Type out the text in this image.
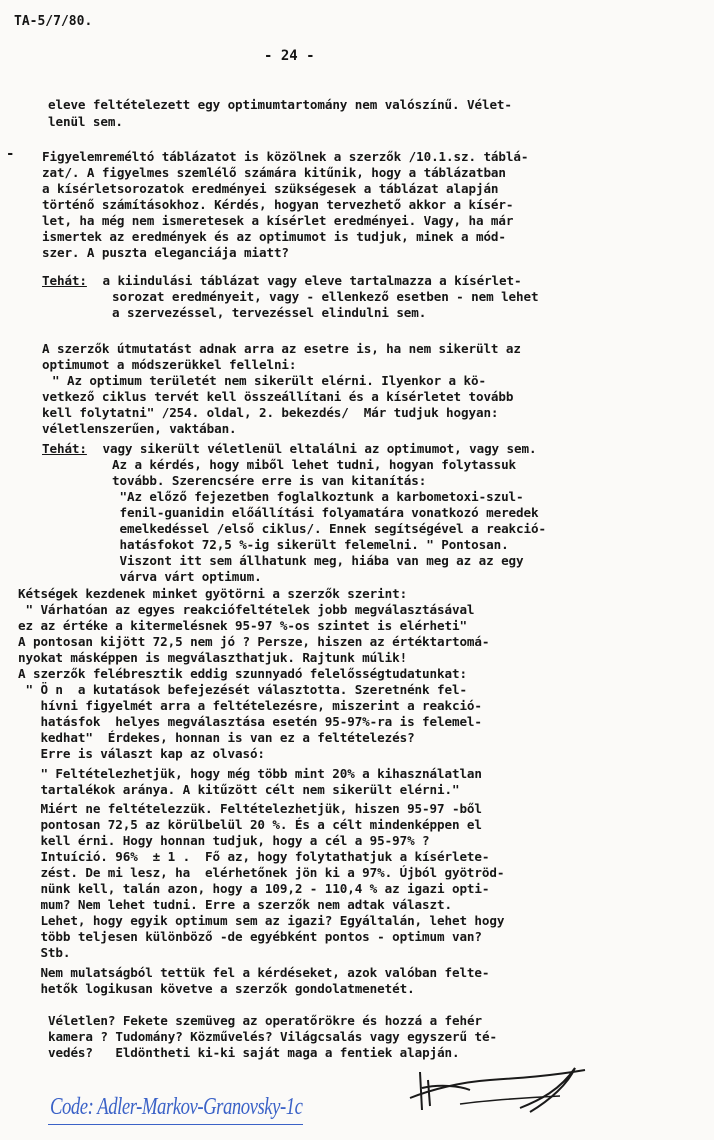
TA-5/7/80.
- 24 -
eleve feltételezett egy optimumtartomány nem valószínű. Vélet-
lenül sem.
- Figyelemreméltó táblázatot is közölnek a szerzők /10.1.sz. táblá-
zat/. A figyelmes szemlélő számára kitűnik, hogy a táblázatban
a kísérletsorozatok eredményei szükségesek a táblázat alapján
történő számításokhoz. Kérdés, hogyan tervezhető akkor a kísér-
let, ha még nem ismeretesek a kísérlet eredményei. Vagy, ha már
ismertek az eredmények és az optimumot is tudjuk, minek a mód-
szer. A puszta eleganciája miatt?
Tehát: a kiindulási táblázat vagy eleve tartalmazza a kísérlet-
sorozat eredményeit, vagy - ellenkező esetben - nem lehet
a szervezéssel, tervezéssel elindulni sem.
A szerzők útmutatást adnak arra az esetre is, ha nem sikerült az
optimumot a módszerükkel fellelni:
" Az optimum területét nem sikerült elérni. Ilyenkor a kö-
vetkező ciklus tervét kell összeállítani és a kísérletet tovább
kell folytatni" /254. oldal, 2. bekezdés/  Már tudjuk hogyan:
véletlenszerűen, vaktában.
Tehát: vagy sikerült véletlenül eltalálni az optimumot, vagy sem.
Az a kérdés, hogy miből lehet tudni, hogyan folytassuk
tovább. Szerencsére erre is van kitanítás:
"Az előző fejezetben foglalkoztunk a karbometoxi-szul-
fenil-guanidin előállítási folyamatára vonatkozó meredek
emelkedéssel /első ciklus/. Ennek segítségével a reakció-
hatásfokot 72,5 %-ig sikerült felemelni. " Pontosan.
Viszont itt sem állhatunk meg, hiába van meg az az egy
várva várt optimum.
Kétségek kezdenek minket gyötörni a szerzők szerint:
" Várhatóan az egyes reakciófeltételek jobb megválasztásával
ez az értéke a kitermelésnek 95-97 %-os szintet is elérheti"
A pontosan kijött 72,5 nem jó ? Persze, hiszen az értéktartomá-
nyokat másképpen is megválaszthatjuk. Rajtunk múlik!
A szerzők felébresztik eddig szunnyadó felelősségtudatunkat:
" Ö n  a kutatások befejezését választotta. Szeretnénk fel-
hívni figyelmét arra a feltételezésre, miszerint a reakció-
hatásfok  helyes megválasztása esetén 95-97%-ra is felemel-
kedhat"  Érdekes, honnan is van ez a feltételezés?
Erre is választ kap az olvasó:
" Feltételezhetjük, hogy még több mint 20% a kihasználatlan
tartalékok aránya. A kitűzött célt nem sikerült elérni."
Miért ne feltételezzük. Feltételezhetjük, hiszen 95-97 -ből
pontosan 72,5 az körülbelül 20 %. És a célt mindenképpen el
kell érni. Hogy honnan tudjuk, hogy a cél a 95-97% ?
Intuíció. 96%  ± 1 .  Fő az, hogy folytathatjuk a kísérlete-
zést. De mi lesz, ha  elérhetőnek jön ki a 97%. Újból gyötröd-
nünk kell, talán azon, hogy a 109,2 - 110,4 % az igazi opti-
mum? Nem lehet tudni. Erre a szerzők nem adtak választ.
Lehet, hogy egyik optimum sem az igazi? Egyáltalán, lehet hogy
több teljesen különböző -de egyébként pontos - optimum van?
Stb.
Nem mulatságból tettük fel a kérdéseket, azok valóban felte-
hetők logikusan követve a szerzők gondolatmenetét.
Véletlen? Fekete szemüveg az operatőrökre és hozzá a fehér
kamera ? Tudomány? Közművelés? Világcsalás vagy egyszerű té-
vedés?   Eldöntheti ki-ki saját maga a fentiek alapján.
Code: Adler-Markov-Granovsky-1c
